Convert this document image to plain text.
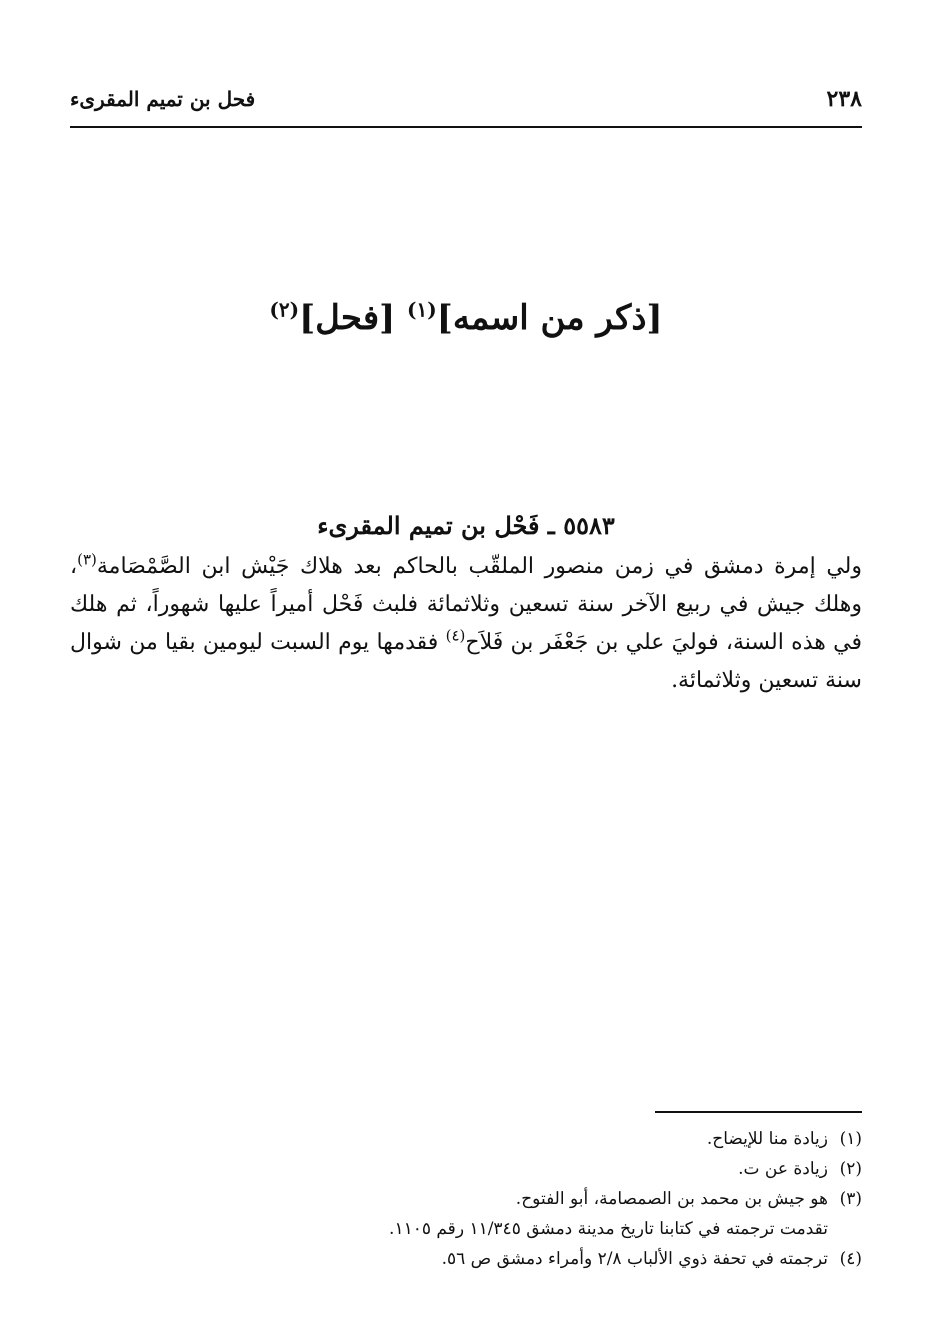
٢٣٨
فحل بن تميم المقرىء
[ذكر من اسمه]$^{(١)}$ [فحل]$^{(٢)}$
٥٥٨٣ ـ فَحْل بن تميم المقرىء
ولي إمرة دمشق في زمن منصور الملقّب بالحاكم بعد هلاك جَيْش ابن الصَّمْصَامة$^{(٣)}$، وهلك جيش في ربيع الآخر سنة تسعين وثلاثمائة فلبث فَحْل أميراً عليها شهوراً، ثم هلك في هذه السنة، فوليَ علي بن جَعْفَر بن فَلاَح$^{(٤)}$ فقدمها يوم السبت ليومين بقيا من شوال سنة تسعين وثلاثمائة.
(١)
زيادة منا للإيضاح.
(٢)
زيادة عن ت.
(٣)
هو جيش بن محمد بن الصمصامة، أبو الفتوح.
تقدمت ترجمته في كتابنا تاريخ مدينة دمشق ١١/٣٤٥ رقم ١١٠٥.
(٤)
ترجمته في تحفة ذوي الألباب ٢/٨ وأمراء دمشق ص ٥٦.
